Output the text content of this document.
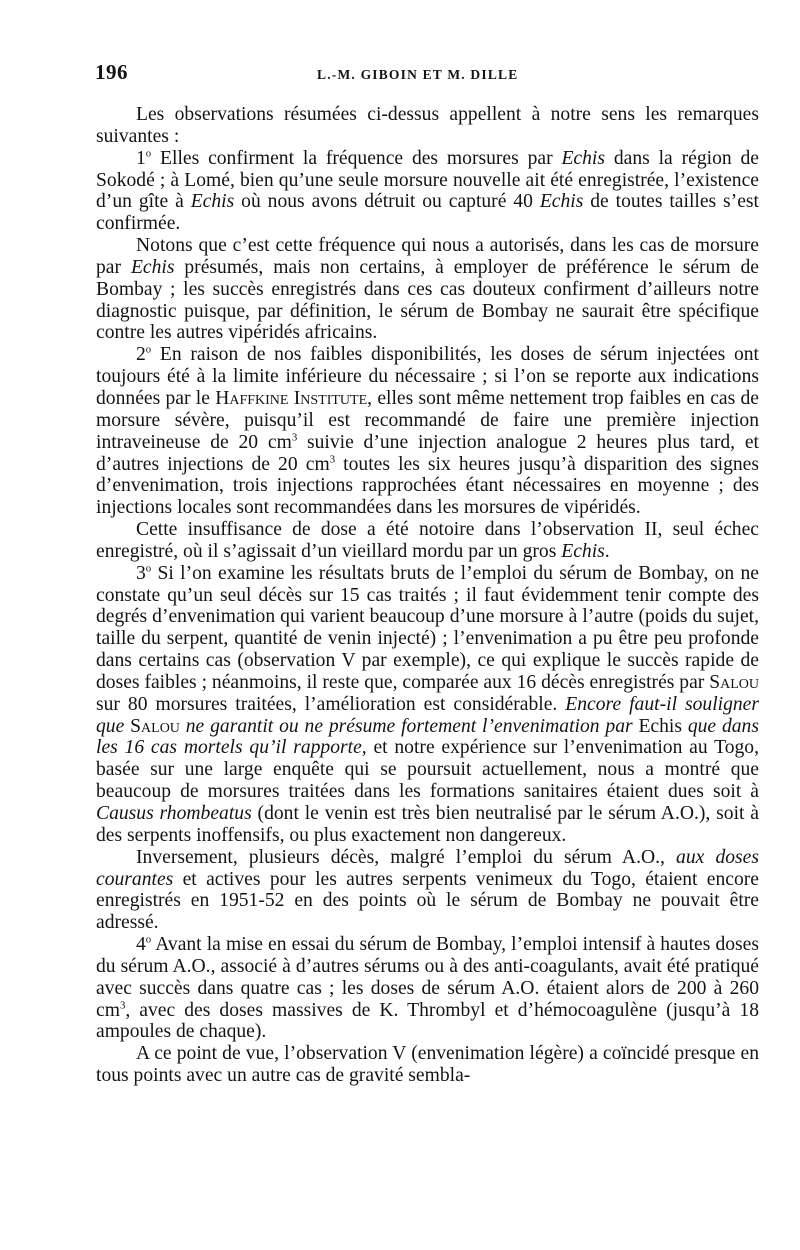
196	L.-M. GIBOIN ET M. DILLE

Les observations résumées ci-dessus appellent à notre sens les remarques suivantes :

1$^o$ Elles confirment la fréquence des morsures par Echis dans la région de Sokodé ; à Lomé, bien qu’une seule morsure nouvelle ait été enregistrée, l’existence d’un gîte à Echis où nous avons détruit ou capturé 40 Echis de toutes tailles s’est confirmée.

Notons que c’est cette fréquence qui nous a autorisés, dans les cas de morsure par Echis présumés, mais non certains, à employer de préférence le sérum de Bombay ; les succès enregistrés dans ces cas douteux confirment d’ailleurs notre diagnostic puisque, par définition, le sérum de Bombay ne saurait être spécifique contre les autres vipéridés africains.

2$^o$ En raison de nos faibles disponibilités, les doses de sérum injectées ont toujours été à la limite inférieure du nécessaire ; si l’on se reporte aux indications données par le Haffkine Institute, elles sont même nettement trop faibles en cas de morsure sévère, puisqu’il est recommandé de faire une première injection intraveineuse de 20 $cm^3$ suivie d’une injection analogue 2 heures plus tard, et d’autres injections de 20 $cm^3$ toutes les six heures jusqu’à disparition des signes d’envenimation, trois injections rapprochées étant nécessaires en moyenne ; des injections locales sont recommandées dans les morsures de vipéridés.

Cette insuffisance de dose a été notoire dans l’observation II, seul échec enregistré, où il s’agissait d’un vieillard mordu par un gros Echis.

3$^o$ Si l’on examine les résultats bruts de l’emploi du sérum de Bombay, on ne constate qu’un seul décès sur 15 cas traités ; il faut évidemment tenir compte des degrés d’envenimation qui varient beaucoup d’une morsure à l’autre (poids du sujet, taille du serpent, quantité de venin injecté) ; l’envenimation a pu être peu profonde dans certains cas (observation V par exemple), ce qui explique le succès rapide de doses faibles ; néanmoins, il reste que, comparée aux 16 décès enregistrés par Salou sur 80 morsures traitées, l’amélioration est considérable. Encore faut-il souligner que Salou ne garantit ou ne présume fortement l’envenimation par Echis que dans les 16 cas mortels qu’il rapporte, et notre expérience sur l’envenimation au Togo, basée sur une large enquête qui se poursuit actuellement, nous a montré que beaucoup de morsures traitées dans les formations sanitaires étaient dues soit à Causus rhombeatus (dont le venin est très bien neutralisé par le sérum A.O.), soit à des serpents inoffensifs, ou plus exactement non dangereux.

Inversement, plusieurs décès, malgré l’emploi du sérum A.O., aux doses courantes et actives pour les autres serpents venimeux du Togo, étaient encore enregistrés en 1951-52 en des points où le sérum de Bombay ne pouvait être adressé.

4$^o$ Avant la mise en essai du sérum de Bombay, l’emploi intensif à hautes doses du sérum A.O., associé à d’autres sérums ou à des anti-coagulants, avait été pratiqué avec succès dans quatre cas ; les doses de sérum A.O. étaient alors de 200 à 260 $cm^3$, avec des doses massives de K. Thrombyl et d’hémocoagulène (jusqu’à 18 ampoules de chaque).

A ce point de vue, l’observation V (envenimation légère) a coïncidé presque en tous points avec un autre cas de gravité sembla-
